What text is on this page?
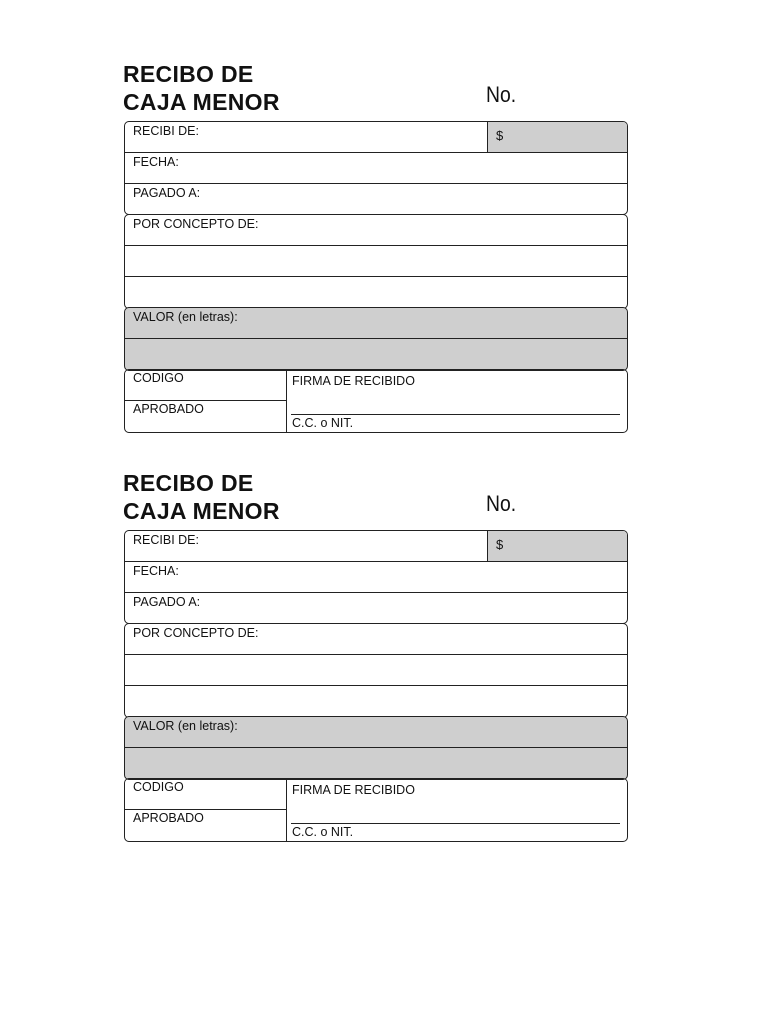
RECIBO DE
CAJA MENOR	No.
RECIBI DE:	$
FECHA:
PAGADO A:
POR CONCEPTO DE:
VALOR (en letras):
CODIGO
APROBADO
FIRMA DE RECIBIDO
C.C. o NIT.
RECIBO DE
CAJA MENOR	No.
RECIBI DE:	$
FECHA:
PAGADO A:
POR CONCEPTO DE:
VALOR (en letras):
CODIGO
APROBADO
FIRMA DE RECIBIDO
C.C. o NIT.
